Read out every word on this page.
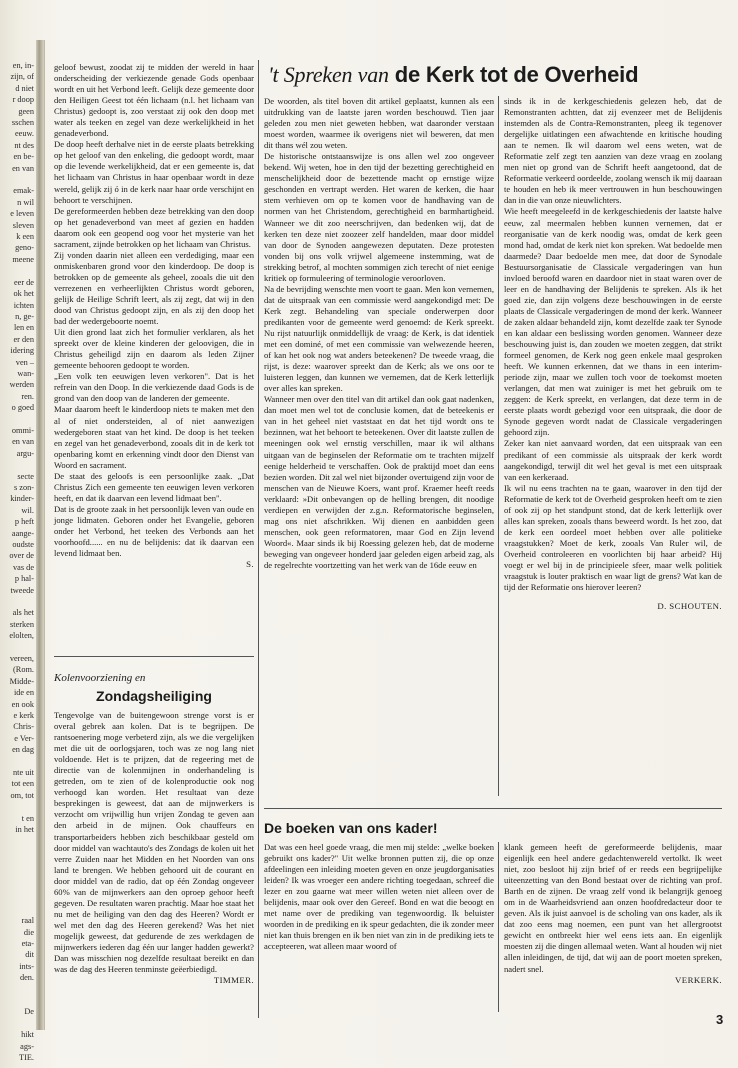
en, in-
zijn, of
d niet
r doop
geen
sschen
eeuw.
nt des
en be-
en van
emak-
n wil
e leven
sleven
k een
geno-
meene
eer de
ok het
ichten
n, ge-
len en
er den
idering
ven –
wan-
werden
ren.
o goed
ommi-
en van
argu-
secte
s zon-
kinder-
wil.
p heft
aange-
oudste
over de
vas de
p hal-
tweede
als het
sterken
elolten,
vereen,
(Rom.
Midde-
ide en
en ook
e kerk
Chris-
e Ver-
en dag
nte uit
tot een
om, tot
t en
in het
raal
die
eta-
dit
ints-
den.
De
hikt
ags-
TIE.

geloof bewust, zoodat zij te midden der wereld in haar onderscheiding der verkiezende genade Gods openbaar wordt en uit het Verbond leeft. Gelijk deze gemeente door den Heiligen Geest tot één lichaam (n.l. het lichaam van Christus) gedoopt is, zoo verstaat zij ook den doop met water als teeken en zegel van deze werkelijkheid in het genadeverbond.

De doop heeft derhalve niet in de eerste plaats betrekking op het geloof van den enkeling, die gedoopt wordt, maar op die levende werkelijkheid, dat er een gemeente is, dat het lichaam van Christus in haar openbaar wordt in deze wereld, gelijk zij ó in de kerk naar haar orde verschijnt en behoort te verschijnen.

De gereformeerden hebben deze betrekking van den doop op het genadeverbond van meet af gezien en hadden daarom ook een geopend oog voor het mysterie van het sacrament, zijnde betrokken op het lichaam van Christus.

Zij vonden daarin niet alleen een verdediging, maar een onmiskenbaren grond voor den kinderdoop. De doop is betrokken op de gemeente als geheel, zooals die uit den verrezenen en verheerlijkten Christus wordt geboren, gelijk de Heilige Schrift leert, als zij zegt, dat wij in den dood van Christus gedoopt zijn, en als zij den doop het bad der wedergeboorte noemt.

Uit dien grond laat zich het formulier verklaren, als het spreekt over de kleine kinderen der geloovigen, die in Christus geheiligd zijn en daarom als leden Zijner gemeente behooren gedoopt te worden.

„Een volk ten eeuwigen leven verkoren". Dat is het refrein van den Doop. In die verkiezende daad Gods is de grond van den doop van de landeren der gemeente.

Maar daarom heeft le kinderdoop niets te maken met den al of niet ondersteiden, al of niet aanwezigen wedergeboren staat van het kind. De doop is het teeken en zegel van het genadeverbond, zooals dit in de kerk tot openbaring komt en erkenning vindt door den Dienst van Woord en sacrament.

De staat des geloofs is een persoonlijke zaak. „Dat Christus Zich een gemeente ten eeuwigen leven verkoren heeft, en dat ik daarvan een levend lidmaat ben".

Dat is de groote zaak in het persoonlijk leven van oude en jonge lidmaten. Geboren onder het Evangelie, geboren onder het Verbond, het teeken des Verbonds aan het voorhoofd...... en nu de belijdenis: dat ik daarvan een levend lidmaat ben.

S.

Kolenvoorziening en
Zondagsheiliging

Tengevolge van de buitengewoon strenge vorst is er overal gebrek aan kolen. Dat is te begrijpen. De rantsoenering moge verbeterd zijn, als we die vergelijken met die uit de oorlogsjaren, toch was ze nog lang niet voldoende. Het is te prijzen, dat de regeering met de directie van de kolenmijnen in onderhandeling is getreden, om te zien of de kolenproductie ook nog verhoogd kan worden. Het resultaat van deze besprekingen is geweest, dat aan de mijnwerkers is verzocht om vrijwillig hun vrijen Zondag te geven aan den arbeid in de mijnen. Ook chauffeurs en transportarbeiders hebben zich beschikbaar gesteld om door middel van wachtauto's des Zondags de kolen uit het verre Zuiden naar het Midden en het Noorden van ons land te brengen. We hebben gehoord uit de courant en door middel van de radio, dat op één Zondag ongeveer 60% van de mijnwerkers aan den oproep gehoor heeft gegeven. De resultaten waren prachtig. Maar hoe staat het nu met de heiliging van den dag des Heeren? Wordt er wel met den dag des Heeren gerekend? Was het niet mogelijk geweest, dat gedurende de zes werkdagen de mijnwerkers iederen dag één uur langer hadden gewerkt? Dan was misschien nog dezelfde resultaat bereikt en dan was de dag des Heeren tenminste geëerbiedigd.

TIMMER.

't Spreken van de Kerk tot de Overheid

De woorden, als titel boven dit artikel geplaatst, kunnen als een uitdrukking van de laatste jaren worden beschouwd. Tien jaar geleden zou men niet geweten hebben, wat daaronder verstaan moest worden, waarmee ik overigens niet wil beweren, dat men dit thans wél zou weten.

De historische ontstaanswijze is ons allen wel zoo ongeveer bekend. Wij weten, hoe in den tijd der bezetting gerechtigheid en menschelijkheid door de bezettende macht op ernstige wijze geschonden en vertrapt werden. Het waren de kerken, die haar stem verhieven om op te komen voor de handhaving van de normen van het Christendom, gerechtigheid en barmhartigheid. Wanneer we dit zoo neerschrijven, dan bedenken wij, dat de kerken ten deze niet zoozeer zelf handelden, maar door middel van door de Synoden aangewezen deputaten. Deze protesten vonden bij ons volk vrijwel algemeene instemming, wat de strekking betrof, al mochten sommigen zich terecht of niet eenige kritiek op formuleering of terminologie veroorloven.

Na de bevrijding wenschte men voort te gaan. Men kon vernemen, dat de uitspraak van een commissie werd aangekondigd met: De Kerk zegt. Behandeling van speciale onderwerpen door predikanten voor de gemeente werd genoemd: de Kerk spreekt. Nu rijst natuurlijk onmiddellijk de vraag: de Kerk, is dat identiek met een dominé, of met een commissie van welwezende heeren, of kan het ook nog wat anders beteekenen? De tweede vraag, die rijst, is deze: waarover spreekt dan de Kerk; als we ons oor te luisteren leggen, dan kunnen we vernemen, dat de Kerk letterlijk over alles kan spreken.

Wanneer men over den titel van dit artikel dan ook gaat nadenken, dan moet men wel tot de conclusie komen, dat de beteekenis er van in het geheel niet vaststaat en dat het tijd wordt ons te bezinnen, wat het behoort te beteekenen. Over dit laatste zullen de meeningen ook wel ernstig verschillen, maar ik wil althans uitgaan van de beginselen der Reformatie om te trachten mijzelf eenige helderheid te verschaffen. Ook de praktijd moet dan eens bezien worden. Dit zal wel niet bijzonder overtuigend zijn voor de menschen van de Nieuwe Koers, want prof. Kraemer heeft reeds verklaard: »Dit onbevangen op de helling brengen, dit noodige verdiepen en verwijden der z.g.n. Reformatorische beginselen, mag ons niet afschrikken. Wij dienen en aanbidden geen menschen, ook geen reformatoren, maar God en Zijn levend Woord«. Maar sinds ik bij Roessing gelezen heb, dat de moderne beweging van ongeveer honderd jaar geleden eigen arbeid zag, als de regelrechte voortzetting van het werk van de 16de eeuw en

sinds ik in de kerkgeschiedenis gelezen heb, dat de Remonstranten achtten, dat zij evenzeer met de Belijdenis instemden als de Contra-Remonstranten, pleeg ik tegenover dergelijke uitlatingen een afwachtende en kritische houding aan te nemen. Ik wil daarom wel eens weten, wat de Reformatie zelf zegt ten aanzien van deze vraag en zoolang men niet op grond van de Schrift heeft aangetoond, dat de Reformatie verkeerd oordeelde, zoolang wensch ik mij daaraan te houden en heb ik meer vertrouwen in hun beschouwingen dan in die van onze nieuwlichters.

Wie heeft meegeleefd in de kerkgeschiedenis der laatste halve eeuw, zal meermalen hebben kunnen vernemen, dat er reorganisatie van de kerk noodig was, omdat de kerk geen mond had, omdat de kerk niet kon spreken. Wat bedoelde men daarmede? Daar bedoelde men mee, dat door de Synodale Bestuursorganisatie de Classicale vergaderingen van hun invloed beroofd waren en daardoor niet in staat waren over de leer en de handhaving der Belijdenis te spreken. Als ik het goed zie, dan zijn volgens deze beschouwingen in de eerste plaats de Classicale vergaderingen de mond der kerk. Wanneer de zaken aldaar behandeld zijn, komt dezelfde zaak ter Synode en kan aldaar een beslissing worden genomen. Wanneer deze beschouwing juist is, dan zouden we moeten zeggen, dat strikt formeel genomen, de Kerk nog geen enkele maal gesproken heeft. We kunnen erkennen, dat we thans in een interim-periode zijn, maar we zullen toch voor de toekomst moeten verlangen, dat men wat zuiniger is met het gebruik om te zeggen: de Kerk spreekt, en verlangen, dat deze term in de eerste plaats wordt gebezigd voor een uitspraak, die door de Synode gegeven wordt nadat de Classicale vergaderingen gehoord zijn.

Zeker kan niet aanvaard worden, dat een uitspraak van een predikant of een commissie als uitspraak der kerk wordt aangekondigd, terwijl dit wel het geval is met een uitspraak van een kerkeraad.

Ik wil nu eens trachten na te gaan, waarover in den tijd der Reformatie de kerk tot de Overheid gesproken heeft om te zien of ook zij op het standpunt stond, dat de kerk letterlijk over alles kan spreken, zooals thans beweerd wordt. Is het zoo, dat de kerk een oordeel moet hebben over alle politieke vraagstukken? Moet de kerk, zooals Van Ruler wil, de Overheid controleeren en voorlichten bij haar arbeid? Hij voegt er wel bij in de principieele sfeer, maar welk politiek vraagstuk is louter praktisch en waar ligt de grens? Wat kan de tijd der Reformatie ons hierover leeren?

D. SCHOUTEN.

De boeken van ons kader!

Dat was een heel goede vraag, die men mij stelde: „welke boeken gebruikt ons kader?" Uit welke bronnen putten zij, die op onze afdeelingen een inleiding moeten geven en onze jeugdorganisaties leiden? Ik was vroeger een andere richting toegedaan, schreef die lezer en zou gaarne wat meer willen weten niet alleen over de belijdenis, maar ook over den Gereef. Bond en wat die beoogt en met name over de prediking van tegenwoordig. Ik beluister woorden in de prediking en ik speur gedachten, die ik zonder meer niet kan thuis brengen en ik ben niet van zin in de prediking iets te accepteeren, wat alleen maar woord of

klank gemeen heeft de gereformeerde belijdenis, maar eigenlijk een heel andere gedachtenwereld vertolkt. Ik weet niet, zoo besloot hij zijn brief of er reeds een begrijpelijke uiteenzetting van den Bond bestaat over de richting van prof. Barth en de zijnen. De vraag zelf vond ik belangrijk genoeg om in de Waarheidsvriend aan onzen hoofdredacteur door te geven. Als ik juist aanvoel is de scholing van ons kader, als ik dat zoo eens mag noemen, een punt van het allergrootst gewicht en ontbreekt hier wel eens iets aan. En eigenlijk moesten zij die dingen allemaal weten. Want al houden wij niet allen inleidingen, de tijd, dat wij aan de poort moeten spreken, nadert snel.

VERKERK.

3
